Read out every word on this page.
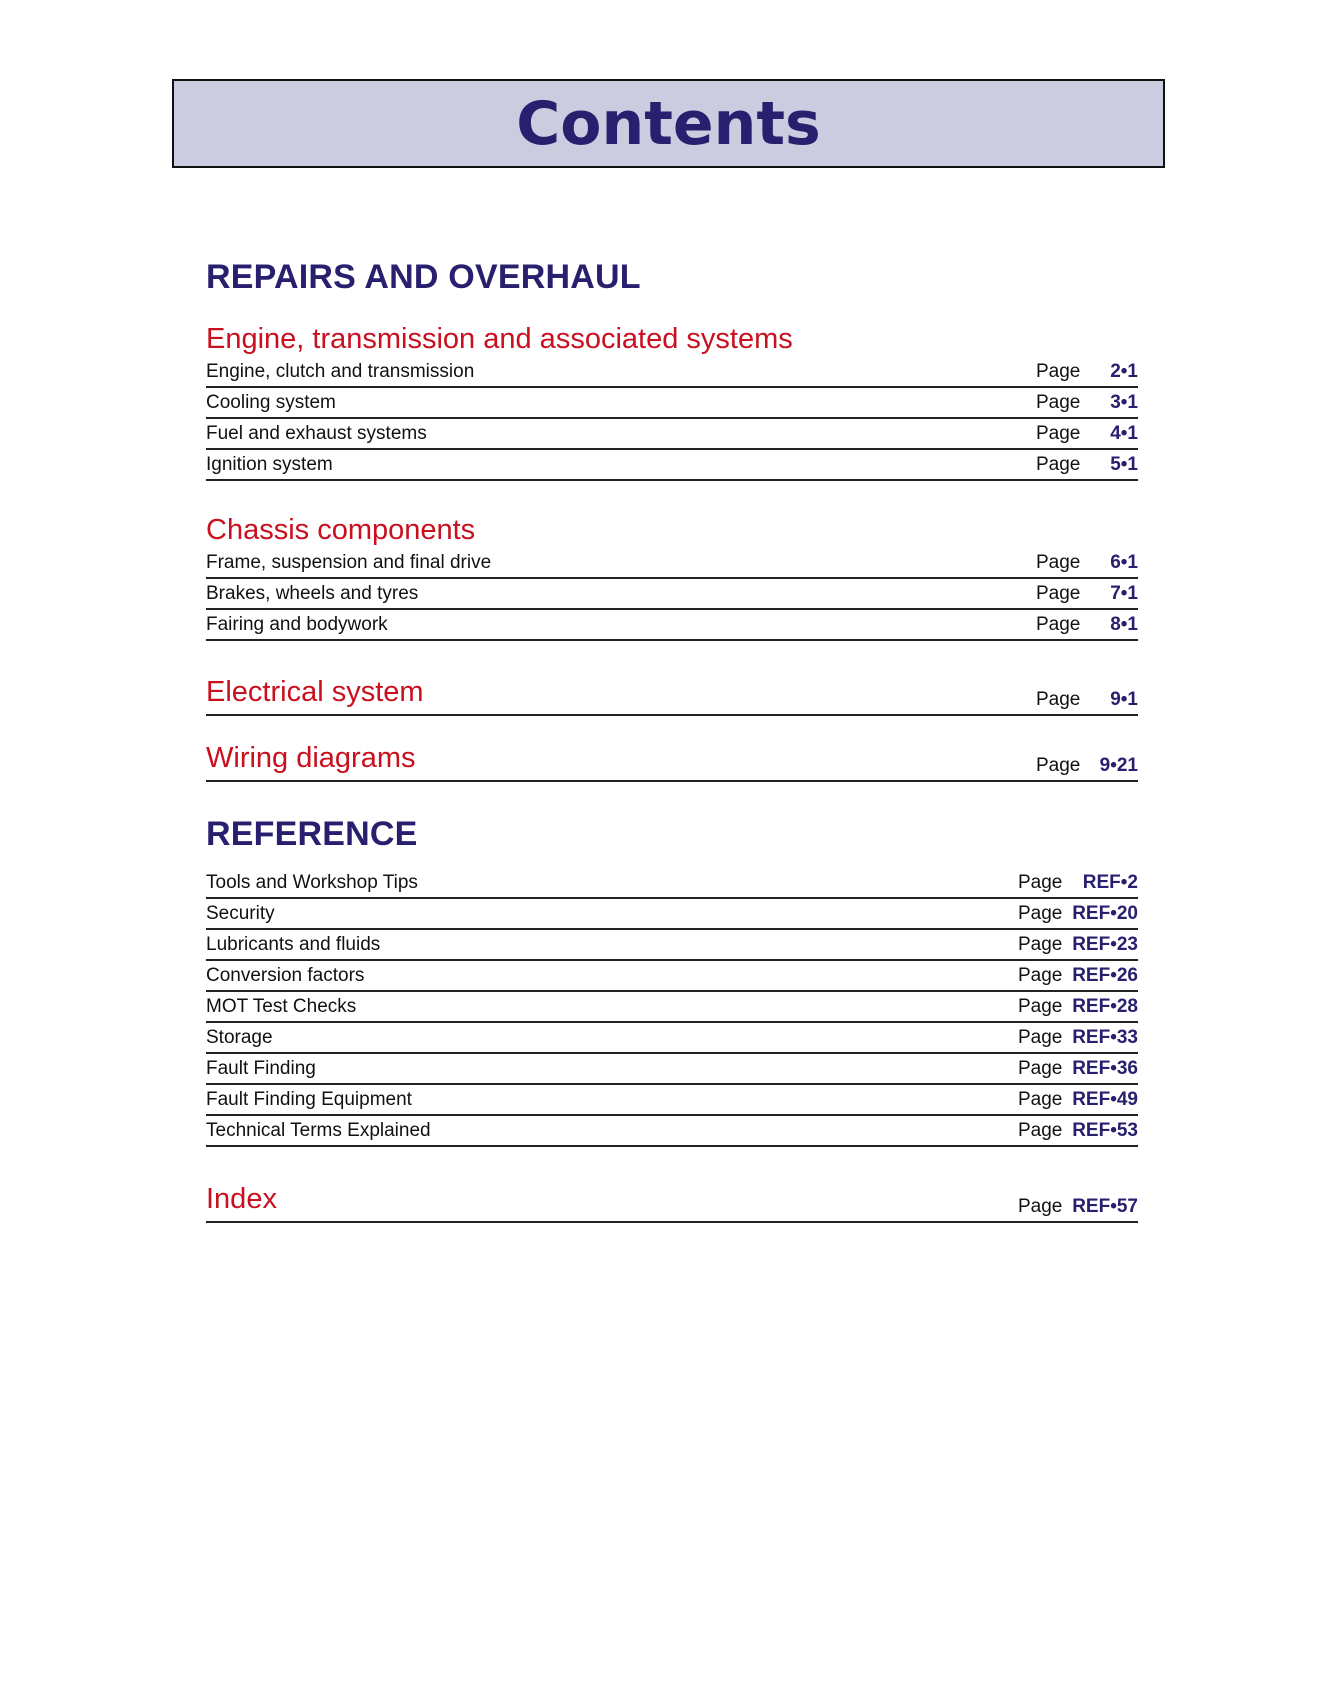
Contents
REPAIRS AND OVERHAUL
Engine, transmission and associated systems
Engine, clutch and transmission	Page 2•1
Cooling system	Page 3•1
Fuel and exhaust systems	Page 4•1
Ignition system	Page 5•1
Chassis components
Frame, suspension and final drive	Page 6•1
Brakes, wheels and tyres	Page 7•1
Fairing and bodywork	Page 8•1
Electrical system	Page 9•1
Wiring diagrams	Page 9•21
REFERENCE
Tools and Workshop Tips	Page REF•2
Security	Page REF•20
Lubricants and fluids	Page REF•23
Conversion factors	Page REF•26
MOT Test Checks	Page REF•28
Storage	Page REF•33
Fault Finding	Page REF•36
Fault Finding Equipment	Page REF•49
Technical Terms Explained	Page REF•53
Index	Page REF•57
